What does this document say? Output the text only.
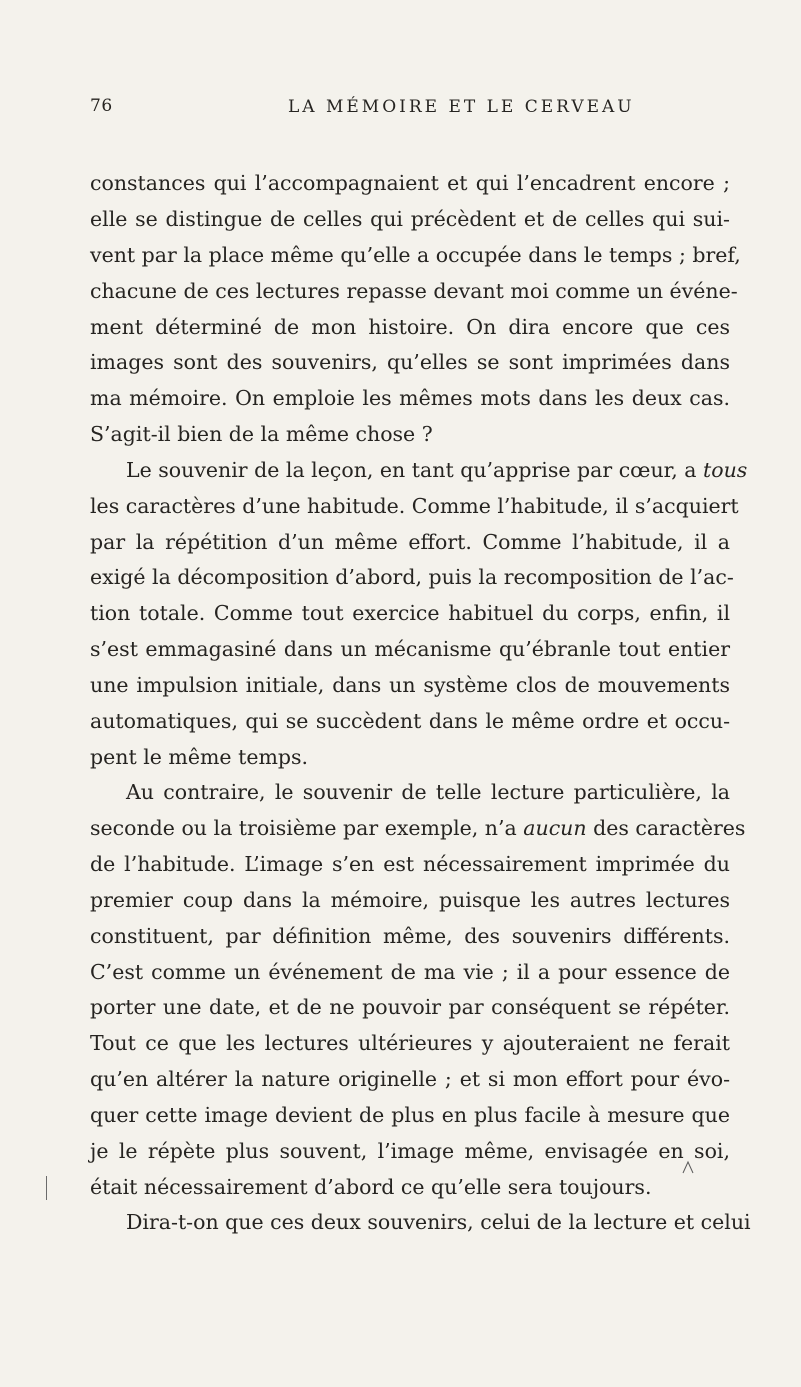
76	LA MÉMOIRE ET LE CERVEAU
constances qui l’accompagnaient et qui l’encadrent encore ;
elle se distingue de celles qui précèdent et de celles qui sui-
vent par la place même qu’elle a occupée dans le temps ; bref,
chacune de ces lectures repasse devant moi comme un événe-
ment déterminé de mon histoire. On dira encore que ces
images sont des souvenirs, qu’elles se sont imprimées dans
ma mémoire. On emploie les mêmes mots dans les deux cas.
S’agit-il bien de la même chose ?
Le souvenir de la leçon, en tant qu’apprise par cœur, a tous
les caractères d’une habitude. Comme l’habitude, il s’acquiert
par la répétition d’un même effort. Comme l’habitude, il a
exigé la décomposition d’abord, puis la recomposition de l’ac-
tion totale. Comme tout exercice habituel du corps, enfin, il
s’est emmagasiné dans un mécanisme qu’ébranle tout entier
une impulsion initiale, dans un système clos de mouvements
automatiques, qui se succèdent dans le même ordre et occu-
pent le même temps.
Au contraire, le souvenir de telle lecture particulière, la
seconde ou la troisième par exemple, n’a aucun des caractères
de l’habitude. L’image s’en est nécessairement imprimée du
premier coup dans la mémoire, puisque les autres lectures
constituent, par définition même, des souvenirs différents.
C’est comme un événement de ma vie ; il a pour essence de
porter une date, et de ne pouvoir par conséquent se répéter.
Tout ce que les lectures ultérieures y ajouteraient ne ferait
qu’en altérer la nature originelle ; et si mon effort pour évo-
quer cette image devient de plus en plus facile à mesure que
je le répète plus souvent, l’image même, envisagée en soi,
était nécessairement d’abord ce qu’elle sera toujours.
Dira-t-on que ces deux souvenirs, celui de la lecture et celui
